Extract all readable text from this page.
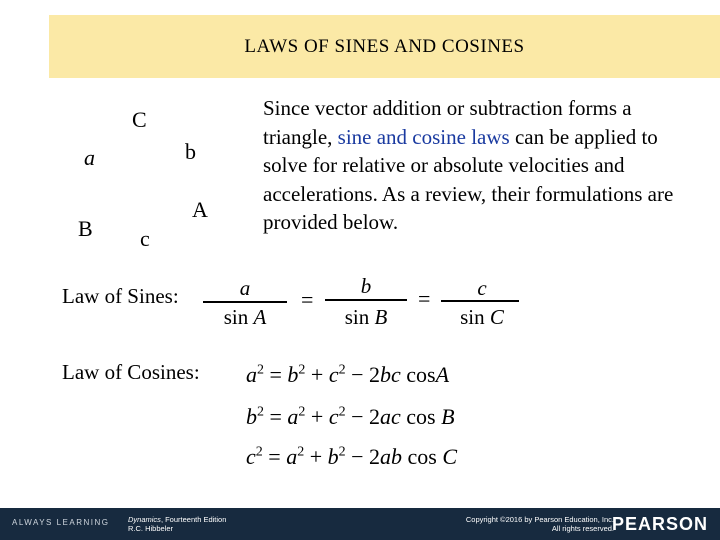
LAWS OF SINES AND COSINES
C
a	b
B
A
c
Since vector addition or subtraction forms a triangle, sine and cosine laws can be applied to solve for relative or absolute velocities and accelerations. As a review, their formulations are provided below.
Law of Sines:	a
sin A
=
b
sin B
=	c
sin C
Law of Cosines: $a^2 = b^2 + c^2 - 2bc$ cosA
$b^2 = a^2 + c^2 - 2ac$ cos B
$c^2 = a^2 + b^2 - 2ab$ cos C
ALWAYS LEARNING Dynamics, Fourteenth Edition
R.C. Hibbeler
Copyright ©2016 by Pearson Education, Inc.
All rights reserved.
PEARSON
